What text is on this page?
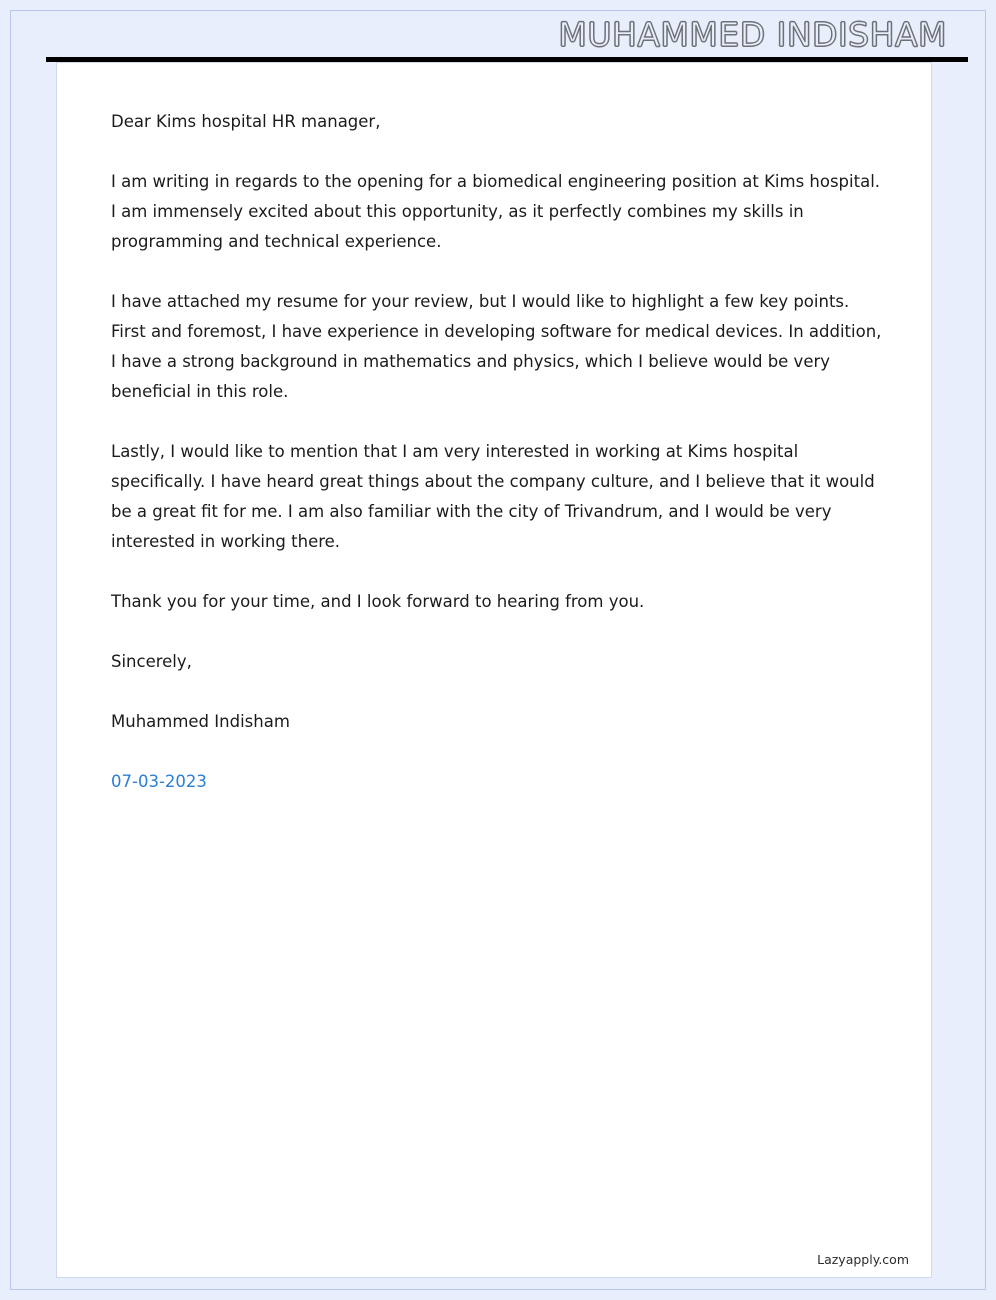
MUHAMMED INDISHAM

Dear Kims hospital HR manager,

I am writing in regards to the opening for a biomedical engineering position at Kims hospital. I am immensely excited about this opportunity, as it perfectly combines my skills in programming and technical experience.

I have attached my resume for your review, but I would like to highlight a few key points. First and foremost, I have experience in developing software for medical devices. In addition, I have a strong background in mathematics and physics, which I believe would be very beneficial in this role.

Lastly, I would like to mention that I am very interested in working at Kims hospital specifically. I have heard great things about the company culture, and I believe that it would be a great fit for me. I am also familiar with the city of Trivandrum, and I would be very interested in working there.

Thank you for your time, and I look forward to hearing from you.

Sincerely,

Muhammed Indisham

07-03-2023

Lazyapply.com
